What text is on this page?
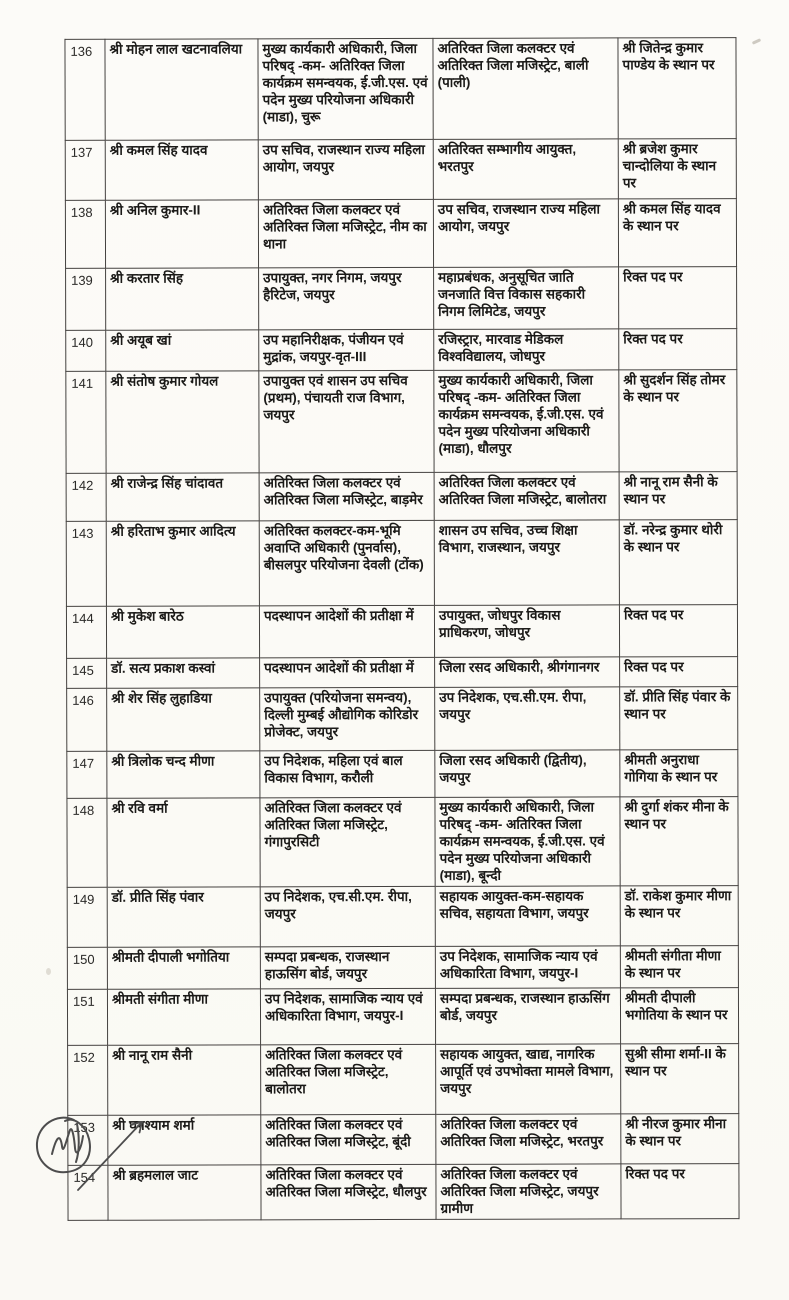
136	श्री मोहन लाल खटनावलिया	मुख्य कार्यकारी अधिकारी, जिला परिषद् -कम- अतिरिक्त जिला कार्यक्रम समन्वयक, ई.जी.एस. एवं पदेन मुख्य परियोजना अधिकारी (माडा), चुरू	अतिरिक्त जिला कलक्टर एवं अतिरिक्त जिला मजिस्ट्रेट, बाली (पाली)	श्री जितेन्द्र कुमार पाण्डेय के स्थान पर
137	श्री कमल सिंह यादव	उप सचिव, राजस्थान राज्य महिला आयोग, जयपुर	अतिरिक्त सम्भागीय आयुक्त, भरतपुर	श्री ब्रजेश कुमार चान्दोलिया के स्थान पर
138	श्री अनिल कुमार-II	अतिरिक्त जिला कलक्टर एवं अतिरिक्त जिला मजिस्ट्रेट, नीम का थाना	उप सचिव, राजस्थान राज्य महिला आयोग, जयपुर	श्री कमल सिंह यादव के स्थान पर
139	श्री करतार सिंह	उपायुक्त, नगर निगम, जयपुर हैरिटेज, जयपुर	महाप्रबंधक, अनुसूचित जाति जनजाति वित्त विकास सहकारी निगम लिमिटेड, जयपुर	रिक्त पद पर
140	श्री अयूब खां	उप महानिरीक्षक, पंजीयन एवं मुद्रांक, जयपुर-वृत-III	रजिस्ट्रार, मारवाड मेडिकल विश्वविद्यालय, जोधपुर	रिक्त पद पर
141	श्री संतोष कुमार गोयल	उपायुक्त एवं शासन उप सचिव (प्रथम), पंचायती राज विभाग, जयपुर	मुख्य कार्यकारी अधिकारी, जिला परिषद् -कम- अतिरिक्त जिला कार्यक्रम समन्वयक, ई.जी.एस. एवं पदेन मुख्य परियोजना अधिकारी (माडा), धौलपुर	श्री सुदर्शन सिंह तोमर के स्थान पर
142	श्री राजेन्द्र सिंह चांदावत	अतिरिक्त जिला कलक्टर एवं अतिरिक्त जिला मजिस्ट्रेट, बाड़मेर	अतिरिक्त जिला कलक्टर एवं अतिरिक्त जिला मजिस्ट्रेट, बालोतरा	श्री नानू राम सैनी के स्थान पर
143	श्री हरिताभ कुमार आदित्य	अतिरिक्त कलक्टर-कम-भूमि अवाप्ति अधिकारी (पुनर्वास), बीसलपुर परियोजना देवली (टोंक)	शासन उप सचिव, उच्च शिक्षा विभाग, राजस्थान, जयपुर	डॉ. नरेन्द्र कुमार थोरी के स्थान पर
144	श्री मुकेश बारेठ	पदस्थापन आदेशों की प्रतीक्षा में	उपायुक्त, जोधपुर विकास प्राधिकरण, जोधपुर	रिक्त पद पर
145	डॉ. सत्य प्रकाश कस्वां	पदस्थापन आदेशों की प्रतीक्षा में	जिला रसद अधिकारी, श्रीगंगानगर	रिक्त पद पर
146	श्री शेर सिंह लुहाडिया	उपायुक्त (परियोजना समन्वय), दिल्ली मुम्बई औद्योगिक कोरिडोर प्रोजेक्ट, जयपुर	उप निदेशक, एच.सी.एम. रीपा, जयपुर	डॉ. प्रीति सिंह पंवार के स्थान पर
147	श्री त्रिलोक चन्द मीणा	उप निदेशक, महिला एवं बाल विकास विभाग, करौली	जिला रसद अधिकारी (द्वितीय), जयपुर	श्रीमती अनुराधा गोगिया के स्थान पर
148	श्री रवि वर्मा	अतिरिक्त जिला कलक्टर एवं अतिरिक्त जिला मजिस्ट्रेट, गंगापुरसिटी	मुख्य कार्यकारी अधिकारी, जिला परिषद् -कम- अतिरिक्त जिला कार्यक्रम समन्वयक, ई.जी.एस. एवं पदेन मुख्य परियोजना अधिकारी (माडा), बून्दी	श्री दुर्गा शंकर मीना के स्थान पर
149	डॉ. प्रीति सिंह पंवार	उप निदेशक, एच.सी.एम. रीपा, जयपुर	सहायक आयुक्त-कम-सहायक सचिव, सहायता विभाग, जयपुर	डॉ. राकेश कुमार मीणा के स्थान पर
150	श्रीमती दीपाली भगोतिया	सम्पदा प्रबन्धक, राजस्थान हाऊसिंग बोर्ड, जयपुर	उप निदेशक, सामाजिक न्याय एवं अधिकारिता विभाग, जयपुर-I	श्रीमती संगीता मीणा के स्थान पर
151	श्रीमती संगीता मीणा	उप निदेशक, सामाजिक न्याय एवं अधिकारिता विभाग, जयपुर-I	सम्पदा प्रबन्धक, राजस्थान हाऊसिंग बोर्ड, जयपुर	श्रीमती दीपाली भगोतिया के स्थान पर
152	श्री नानू राम सैनी	अतिरिक्त जिला कलक्टर एवं अतिरिक्त जिला मजिस्ट्रेट, बालोतरा	सहायक आयुक्त, खाद्य, नागरिक आपूर्ति एवं उपभोक्ता मामले विभाग, जयपुर	सुश्री सीमा शर्मा-II के स्थान पर
153	श्री घनश्याम शर्मा	अतिरिक्त जिला कलक्टर एवं अतिरिक्त जिला मजिस्ट्रेट, बूंदी	अतिरिक्त जिला कलक्टर एवं अतिरिक्त जिला मजिस्ट्रेट, भरतपुर	श्री नीरज कुमार मीना के स्थान पर
154	श्री ब्रहमलाल जाट	अतिरिक्त जिला कलक्टर एवं अतिरिक्त जिला मजिस्ट्रेट, धौलपुर	अतिरिक्त जिला कलक्टर एवं अतिरिक्त जिला मजिस्ट्रेट, जयपुर ग्रामीण	रिक्त पद पर
